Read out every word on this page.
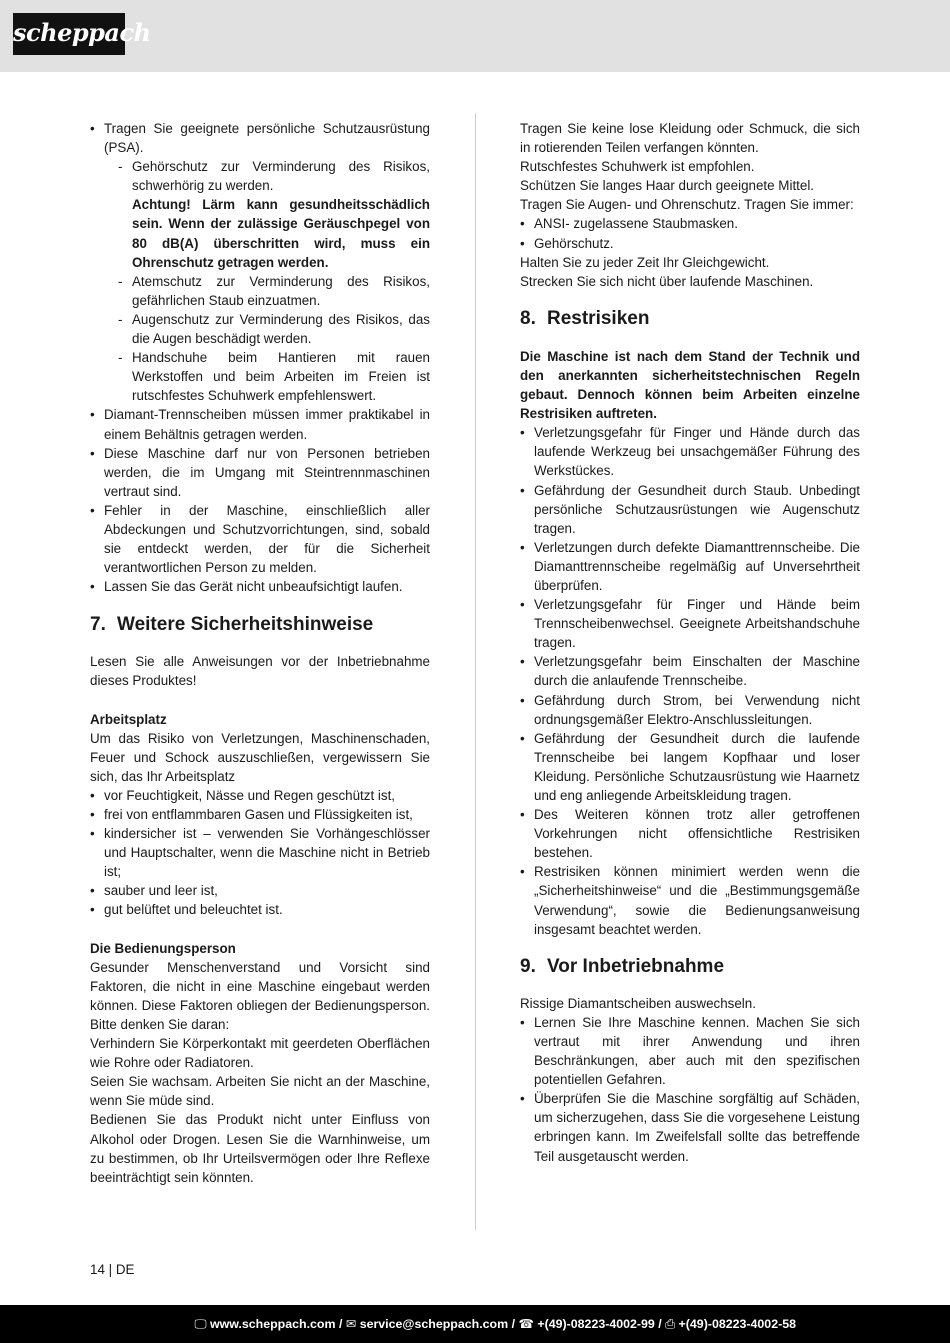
scheppach
• Tragen Sie geeignete persönliche Schutzausrüstung (PSA).
- Gehörschutz zur Verminderung des Risikos, schwerhörig zu werden.
Achtung! Lärm kann gesundheitsschädlich sein. Wenn der zulässige Geräuschpegel von 80 dB(A) überschritten wird, muss ein Ohrenschutz getragen werden.
- Atemschutz zur Verminderung des Risikos, gefährlichen Staub einzuatmen.
- Augenschutz zur Verminderung des Risikos, das die Augen beschädigt werden.
- Handschuhe beim Hantieren mit rauen Werkstoffen und beim Arbeiten im Freien ist rutschfestes Schuhwerk empfehlenswert.
• Diamant-Trennscheiben müssen immer praktikabel in einem Behältnis getragen werden.
• Diese Maschine darf nur von Personen betrieben werden, die im Umgang mit Steintrennmaschinen vertraut sind.
• Fehler in der Maschine, einschließlich aller Abdeckungen und Schutzvorrichtungen, sind, sobald sie entdeckt werden, der für die Sicherheit verantwortlichen Person zu melden.
• Lassen Sie das Gerät nicht unbeaufsichtigt laufen.
7. Weitere Sicherheitshinweise

Lesen Sie alle Anweisungen vor der Inbetriebnahme dieses Produktes!

Arbeitsplatz

Um das Risiko von Verletzungen, Maschinenschaden, Feuer und Schock auszuschließen, vergewissern Sie sich, das Ihr Arbeitsplatz

• vor Feuchtigkeit, Nässe und Regen geschützt ist,
• frei von entflammbaren Gasen und Flüssigkeiten ist,
• kindersicher ist – verwenden Sie Vorhängeschlösser und Hauptschalter, wenn die Maschine nicht in Betrieb ist;
• sauber und leer ist,
• gut belüftet und beleuchtet ist.

Die Bedienungsperson

Gesunder Menschenverstand und Vorsicht sind Faktoren, die nicht in eine Maschine eingebaut werden können. Diese Faktoren obliegen der Bedienungsperson. Bitte denken Sie daran:

Verhindern Sie Körperkontakt mit geerdeten Oberflächen wie Rohre oder Radiatoren.

Seien Sie wachsam. Arbeiten Sie nicht an der Maschine, wenn Sie müde sind.

Bedienen Sie das Produkt nicht unter Einfluss von Alkohol oder Drogen. Lesen Sie die Warnhinweise, um zu bestimmen, ob Ihr Urteilsvermögen oder Ihre Reflexe beeinträchtigt sein könnten.

Tragen Sie keine lose Kleidung oder Schmuck, die sich in rotierenden Teilen verfangen könnten.

Rutschfestes Schuhwerk ist empfohlen.

Schützen Sie langes Haar durch geeignete Mittel.

Tragen Sie Augen- und Ohrenschutz. Tragen Sie immer:

• ANSI- zugelassene Staubmasken.
• Gehörschutz.

Halten Sie zu jeder Zeit Ihr Gleichgewicht.

Strecken Sie sich nicht über laufende Maschinen.

8. Restrisiken

Die Maschine ist nach dem Stand der Technik und den anerkannten sicherheitstechnischen Regeln gebaut. Dennoch können beim Arbeiten einzelne Restrisiken auftreten.

• Verletzungsgefahr für Finger und Hände durch das laufende Werkzeug bei unsachgemäßer Führung des Werkstückes.
• Gefährdung der Gesundheit durch Staub. Unbedingt persönliche Schutzausrüstungen wie Augenschutz tragen.
• Verletzungen durch defekte Diamanttrennscheibe. Die Diamanttrennscheibe regelmäßig auf Unversehrtheit überprüfen.
• Verletzungsgefahr für Finger und Hände beim Trennscheibenwechsel. Geeignete Arbeitshandschuhe tragen.
• Verletzungsgefahr beim Einschalten der Maschine durch die anlaufende Trennscheibe.
• Gefährdung durch Strom, bei Verwendung nicht ordnungsgemäßer Elektro-Anschlussleitungen.
• Gefährdung der Gesundheit durch die laufende Trennscheibe bei langem Kopfhaar und loser Kleidung. Persönliche Schutzausrüstung wie Haarnetz und eng anliegende Arbeitskleidung tragen.
• Des Weiteren können trotz aller getroffenen Vorkehrungen nicht offensichtliche Restrisiken bestehen.
• Restrisiken können minimiert werden wenn die „Sicherheitshinweise“ und die „Bestimmungsgemäße Verwendung“, sowie die Bedienungsanweisung insgesamt beachtet werden.
9. Vor Inbetriebnahme

Rissige Diamantscheiben auswechseln.

• Lernen Sie Ihre Maschine kennen. Machen Sie sich vertraut mit ihrer Anwendung und ihren Beschränkungen, aber auch mit den spezifischen potentiellen Gefahren.
• Überprüfen Sie die Maschine sorgfältig auf Schäden, um sicherzugehen, dass Sie die vorgesehene Leistung erbringen kann. Im Zweifelsfall sollte das betreffende Teil ausgetauscht werden.
14 | DE
🖵 www.scheppach.com / ✉ service@scheppach.com / ☎ +(49)-08223-4002-99 / ⎙ +(49)-08223-4002-58
